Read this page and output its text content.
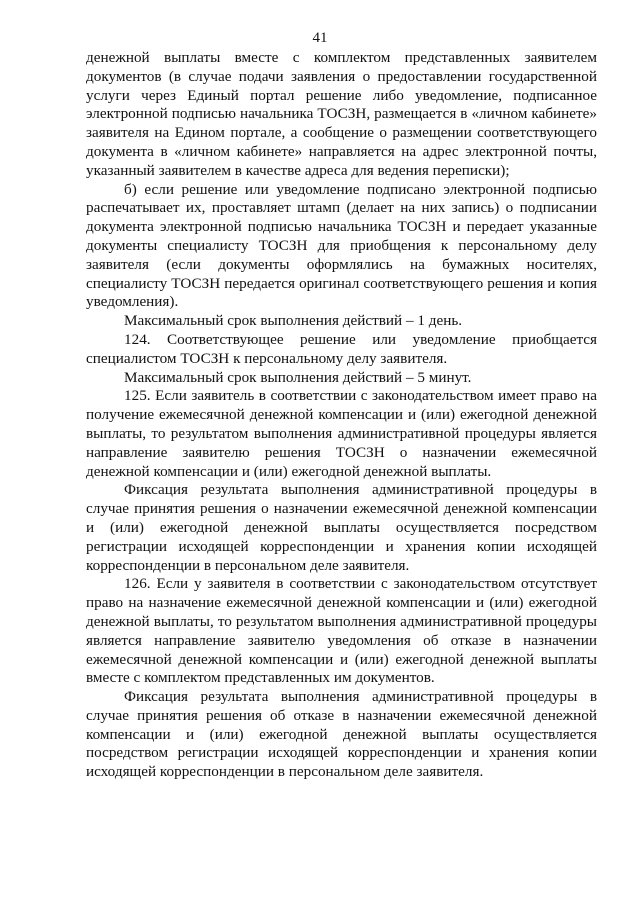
41

денежной выплаты вместе с комплектом представленных заявителем документов (в случае подачи заявления о предоставлении государственной услуги через Единый портал решение либо уведомление, подписанное электронной подписью начальника ТОСЗН, размещается в «личном кабинете» заявителя на Едином портале, а сообщение о размещении соответствующего документа в «личном кабинете» направляется на адрес электронной почты, указанный заявителем в качестве адреса для ведения переписки);

б) если решение или уведомление подписано электронной подписью распечатывает их, проставляет штамп (делает на них запись) о подписании документа электронной подписью начальника ТОСЗН и передает указанные документы специалисту ТОСЗН для приобщения к персональному делу заявителя (если документы оформлялись на бумажных носителях, специалисту ТОСЗН передается оригинал соответствующего решения и копия уведомления).

Максимальный срок выполнения действий – 1 день.

124. Соответствующее решение или уведомление приобщается специалистом ТОСЗН к персональному делу заявителя.

Максимальный срок выполнения действий – 5 минут.

125. Если заявитель в соответствии с законодательством имеет право на получение ежемесячной денежной компенсации и (или) ежегодной денежной выплаты, то результатом выполнения административной процедуры является направление заявителю решения ТОСЗН о назначении ежемесячной денежной компенсации и (или) ежегодной денежной выплаты.

Фиксация результата выполнения административной процедуры в случае принятия решения о назначении ежемесячной денежной компенсации и (или) ежегодной денежной выплаты осуществляется посредством регистрации исходящей корреспонденции и хранения копии исходящей корреспонденции в персональном деле заявителя.

126. Если у заявителя в соответствии с законодательством отсутствует право на назначение ежемесячной денежной компенсации и (или) ежегодной денежной выплаты, то результатом выполнения административной процедуры является направление заявителю уведомления об отказе в назначении ежемесячной денежной компенсации и (или) ежегодной денежной выплаты вместе с комплектом представленных им документов.

Фиксация результата выполнения административной процедуры в случае принятия решения об отказе в назначении ежемесячной денежной компенсации и (или) ежегодной денежной выплаты осуществляется посредством регистрации исходящей корреспонденции и хранения копии исходящей корреспонденции в персональном деле заявителя.
